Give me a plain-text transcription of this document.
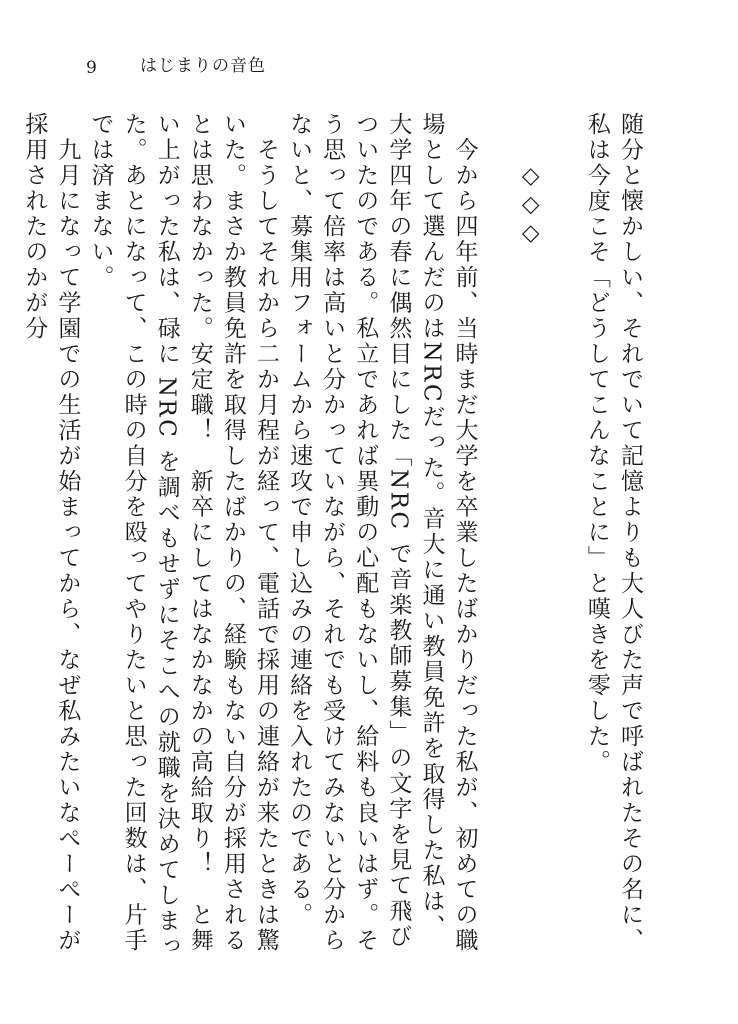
9	はじまりの音色
随分と懐かしい、それでいて記憶よりも大人びた声で呼ばれたその名に、私は今度こそ「どうしてこんなことに」と嘆きを零した。

　　◇◇◇

　今から四年前、当時まだ大学を卒業したばかりだった私が、初めての職場として選んだのはNRCだった。音大に通い教員免許を取得した私は、大学四年の春に偶然目にした「NRC で音楽教師募集」の文字を見て飛びついたのである。私立であれば異動の心配もないし、給料も良いはず。そう思って倍率は高いと分かっていながら、それでも受けてみないと分からないと、募集用フォームから速攻で申し込みの連絡を入れたのである。
　そうしてそれから二か月程が経って、電話で採用の連絡が来たときは驚いた。まさか教員免許を取得したばかりの、経験もない自分が採用されるとは思わなかった。安定職！　新卒にしてはなかなかの高給取り！　と舞い上がった私は、碌に NRC を調べもせずにそこへの就職を決めてしまった。あとになって、この時の自分を殴ってやりたいと思った回数は、片手では済まない。
　九月になって学園での生活が始まってから、なぜ私みたいなぺーぺーが採用されたのかが分
